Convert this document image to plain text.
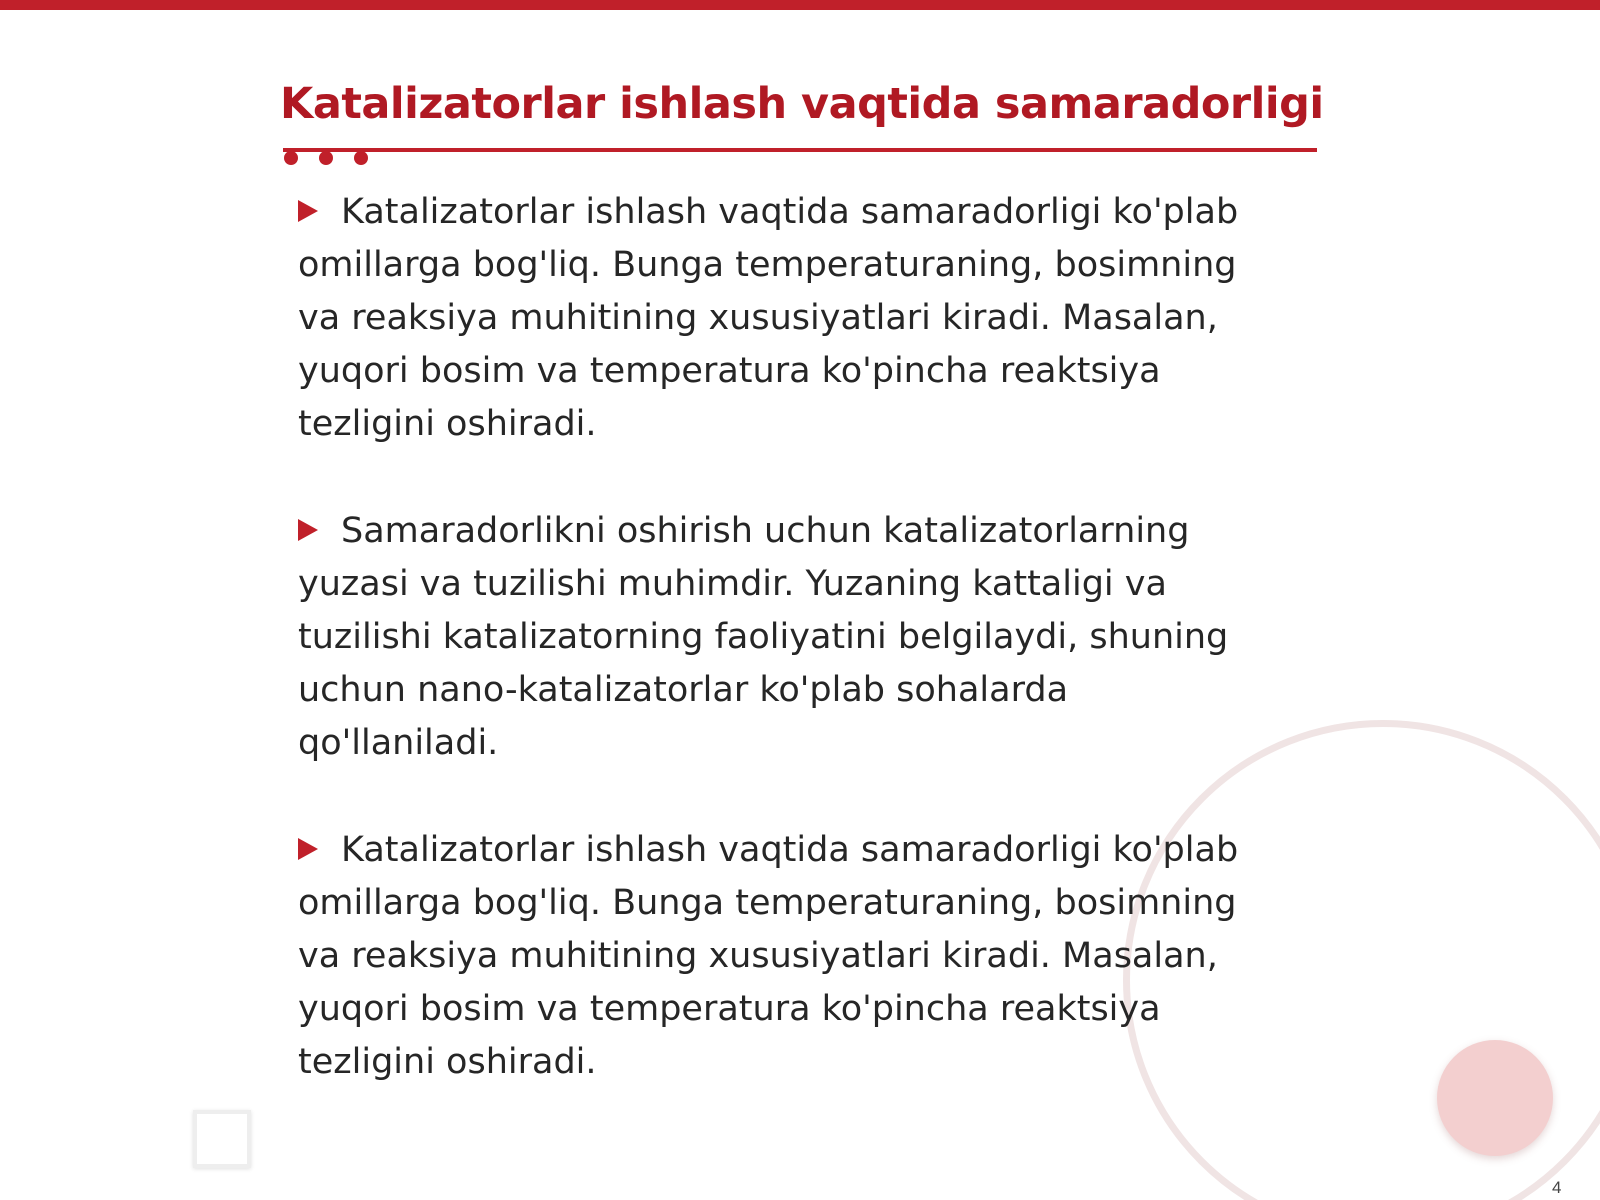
Katalizatorlar ishlash vaqtida samaradorligi
Katalizatorlar ishlash vaqtida samaradorligi ko'plab omillarga bog'liq. Bunga temperaturaning, bosimning va reaksiya muhitining xususiyatlari kiradi. Masalan, yuqori bosim va temperatura ko'pincha reaktsiya tezligini oshiradi.
Samaradorlikni oshirish uchun katalizatorlarning yuzasi va tuzilishi muhimdir. Yuzaning kattaligi va tuzilishi katalizatorning faoliyatini belgilaydi, shuning uchun nano-katalizatorlar ko'plab sohalarda qo'llaniladi.
Katalizatorlar ishlash vaqtida samaradorligi ko'plab omillarga bog'liq. Bunga temperaturaning, bosimning va reaksiya muhitining xususiyatlari kiradi. Masalan, yuqori bosim va temperatura ko'pincha reaktsiya tezligini oshiradi.
4
